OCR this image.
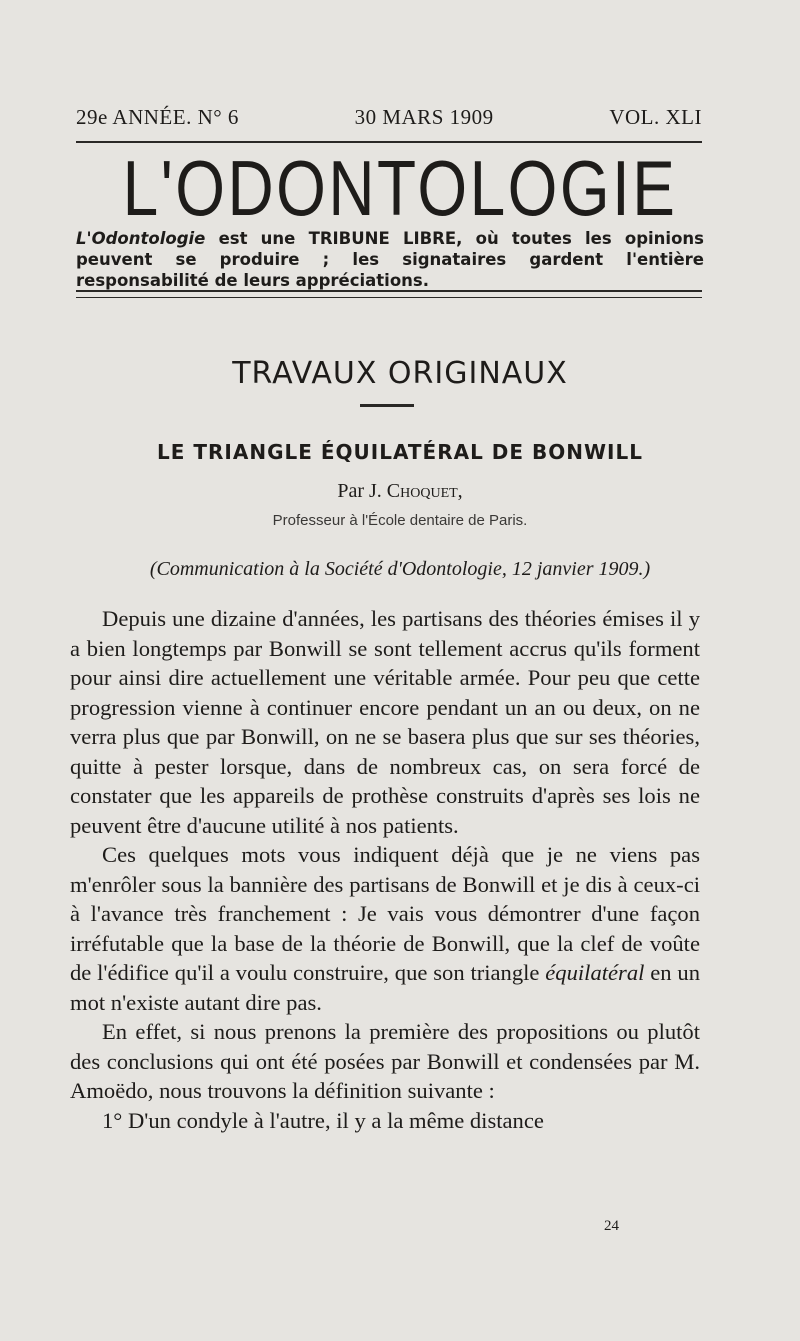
29e ANNÉE. N° 6	30 MARS 1909	VOL. XLI
L'ODONTOLOGIE
L'Odontologie est une TRIBUNE LIBRE, où toutes les opinions peuvent se produire ; les signataires gardent l'entière responsabilité de leurs appréciations.
TRAVAUX ORIGINAUX
LE TRIANGLE ÉQUILATÉRAL DE BONWILL
Par J. Choquet,
Professeur à l'École dentaire de Paris.
(Communication à la Société d'Odontologie, 12 janvier 1909.)

Depuis une dizaine d'années, les partisans des théories émises il y a bien longtemps par Bonwill se sont tellement accrus qu'ils forment pour ainsi dire actuellement une véritable armée. Pour peu que cette progression vienne à continuer encore pendant un an ou deux, on ne verra plus que par Bonwill, on ne se basera plus que sur ses théories, quitte à pester lorsque, dans de nombreux cas, on sera forcé de constater que les appareils de prothèse construits d'après ses lois ne peuvent être d'aucune utilité à nos patients.

Ces quelques mots vous indiquent déjà que je ne viens pas m'enrôler sous la bannière des partisans de Bonwill et je dis à ceux-ci à l'avance très franchement : Je vais vous démontrer d'une façon irréfutable que la base de la théorie de Bonwill, que la clef de voûte de l'édifice qu'il a voulu construire, que son triangle équilatéral en un mot n'existe autant dire pas.

En effet, si nous prenons la première des propositions ou plutôt des conclusions qui ont été posées par Bonwill et condensées par M. Amoëdo, nous trouvons la définition suivante :

1° D'un condyle à l'autre, il y a la même distance

24
